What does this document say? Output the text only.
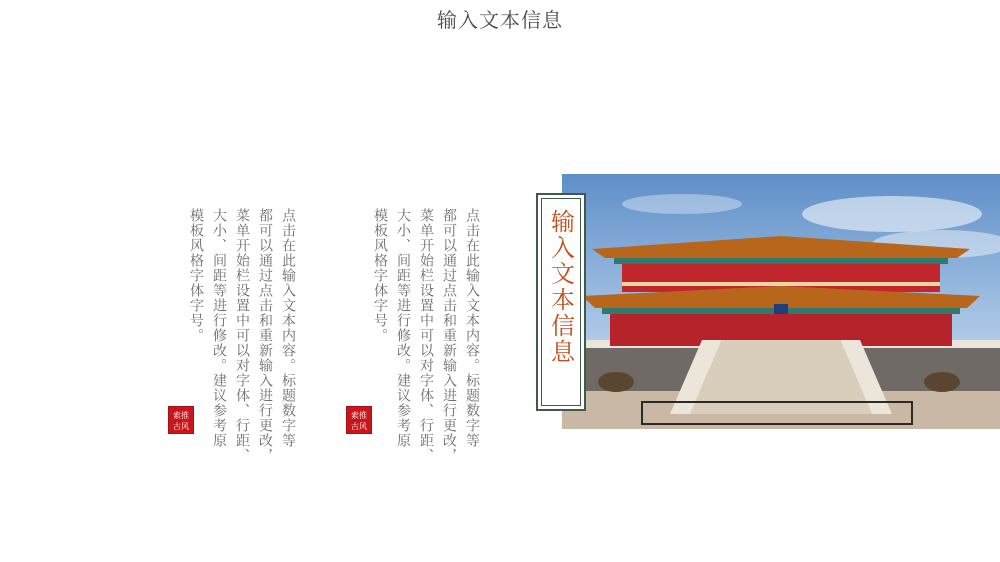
输入文本信息
点击在此输入文本内容。标题数字等
都可以通过点击和重新输入进行更改，
菜单开始栏设置中可以对字体、行距、
大小、间距等进行修改。建议参考原
模板风格字体字号。
索推
古风	点击在此输入文本内容。标题数字等
都可以通过点击和重新输入进行更改，
菜单开始栏设置中可以对字体、行距、
大小、间距等进行修改。建议参考原
模板风格字体字号。
索推
古风
输入文本信息
